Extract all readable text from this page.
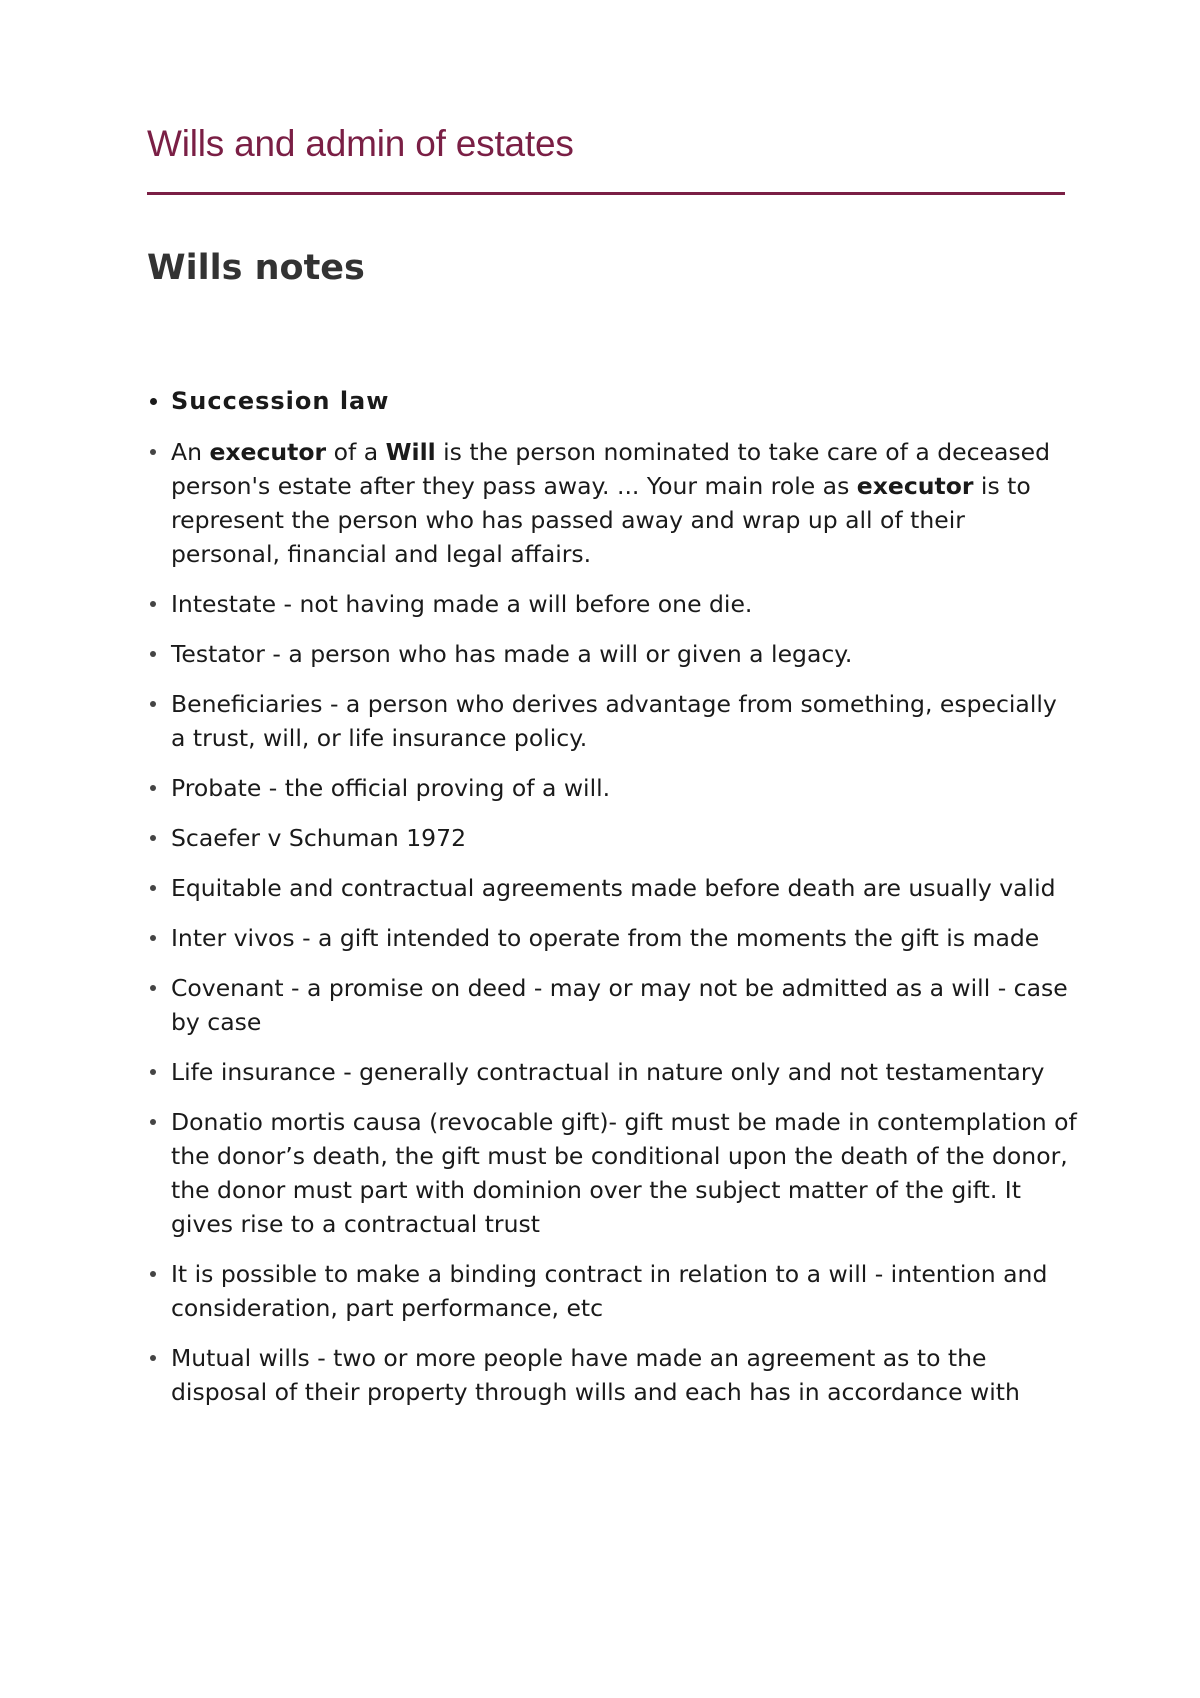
Wills and admin of estates
Wills notes
Succession law
An executor of a Will is the person nominated to take care of a deceased person's estate after they pass away. ... Your main role as executor is to represent the person who has passed away and wrap up all of their personal, financial and legal affairs.
Intestate - not having made a will before one die.
Testator - a person who has made a will or given a legacy.
Beneficiaries - a person who derives advantage from something, especially a trust, will, or life insurance policy.
Probate - the official proving of a will.
Scaefer v Schuman 1972
Equitable and contractual agreements made before death are usually valid
Inter vivos - a gift intended to operate from the moments the gift is made
Covenant - a promise on deed - may or may not be admitted as a will - case by case
Life insurance - generally contractual in nature only and not testamentary
Donatio mortis causa (revocable gift)- gift must be made in contemplation of the donor’s death, the gift must be conditional upon the death of the donor, the donor must part with dominion over the subject matter of the gift. It gives rise to a contractual trust
It is possible to make a binding contract in relation to a will - intention and consideration, part performance, etc
Mutual wills - two or more people have made an agreement as to the disposal of their property through wills and each has in accordance with
